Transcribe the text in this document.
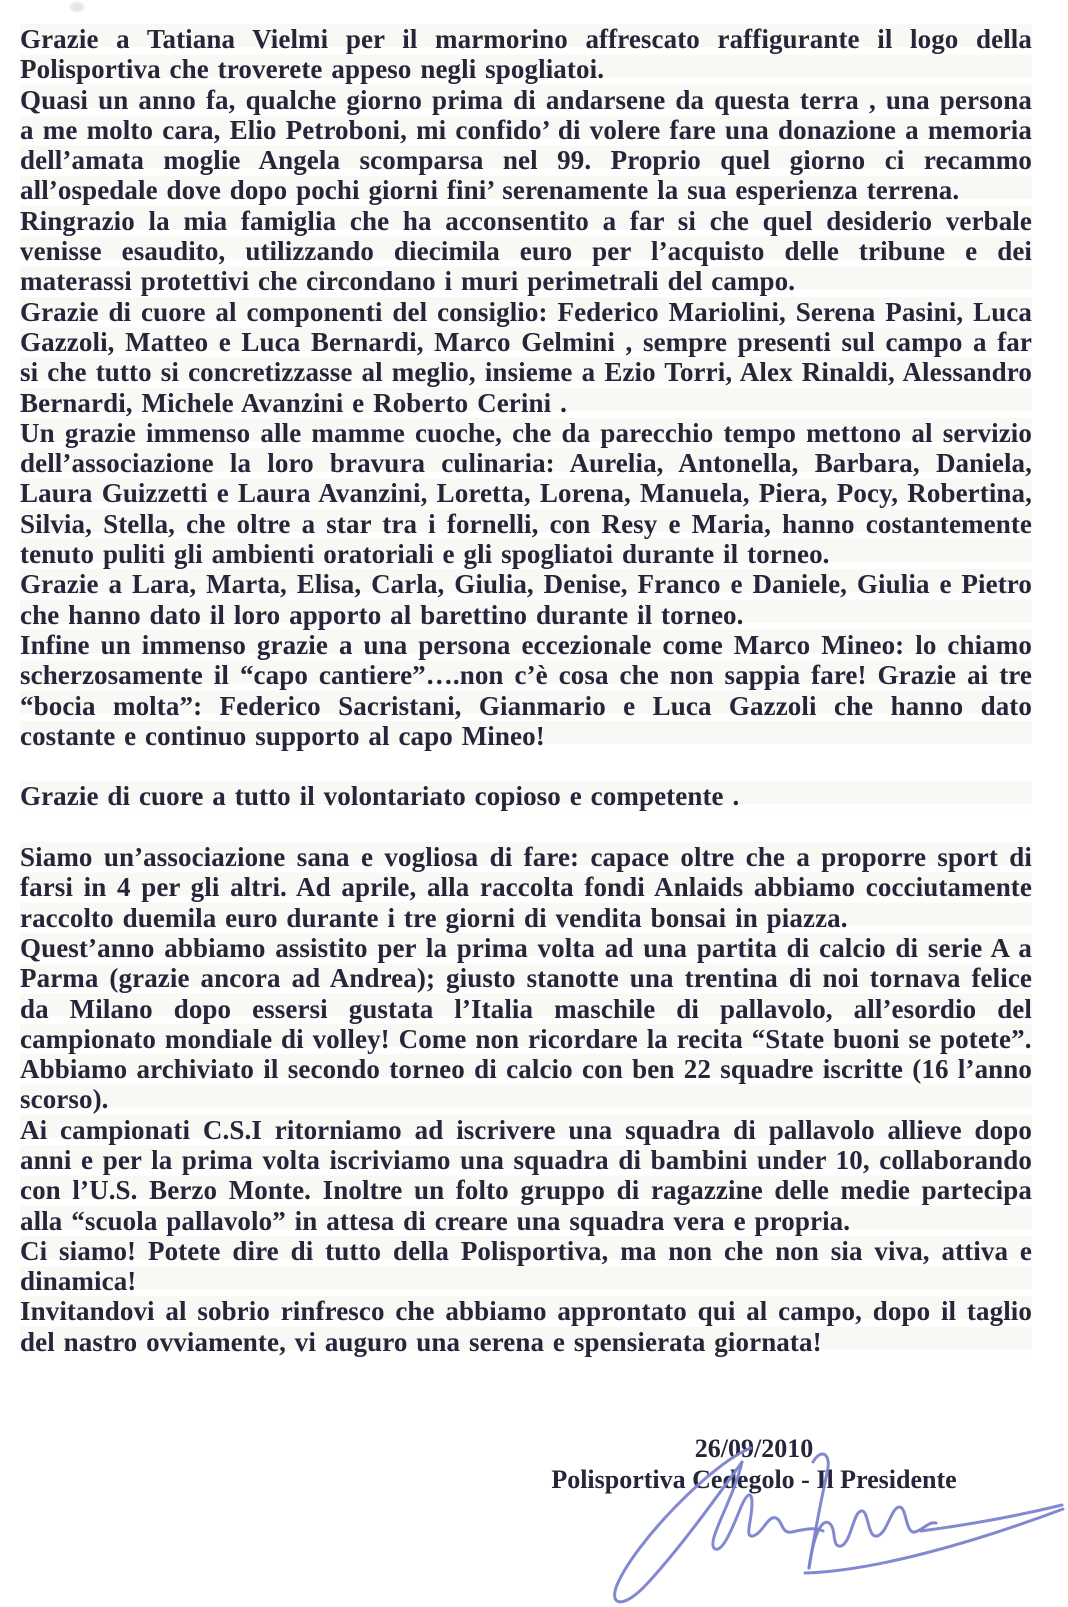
Grazie a Tatiana Vielmi per il marmorino affrescato raffigurante il logo della Polisportiva che troverete appeso negli spogliatoi.

Quasi un anno fa, qualche giorno prima di andarsene da questa terra , una persona a me molto cara, Elio Petroboni, mi confido’ di volere fare una donazione a memoria dell’amata moglie Angela scomparsa nel 99. Proprio quel giorno ci recammo all’ospedale dove dopo pochi giorni fini’ serenamente la sua esperienza terrena.

Ringrazio la mia famiglia che ha acconsentito a far si che quel desiderio verbale venisse esaudito, utilizzando diecimila euro per l’acquisto delle tribune e dei materassi protettivi che circondano i muri perimetrali del campo.

Grazie di cuore al componenti del consiglio: Federico Mariolini, Serena Pasini, Luca Gazzoli, Matteo e Luca Bernardi, Marco Gelmini , sempre presenti sul campo a far si che tutto si concretizzasse al meglio, insieme a Ezio Torri, Alex Rinaldi, Alessandro Bernardi, Michele Avanzini e Roberto Cerini .

Un grazie immenso alle mamme cuoche, che da parecchio tempo mettono al servizio dell’associazione la loro bravura culinaria: Aurelia, Antonella, Barbara, Daniela, Laura Guizzetti e Laura Avanzini, Loretta, Lorena, Manuela, Piera, Pocy, Robertina, Silvia, Stella, che oltre a star tra i fornelli, con Resy e Maria, hanno costantemente tenuto puliti gli ambienti oratoriali e gli spogliatoi durante il torneo.

Grazie a Lara, Marta, Elisa, Carla, Giulia, Denise, Franco e Daniele, Giulia e Pietro che hanno dato il loro apporto al barettino durante il torneo.

Infine un immenso grazie a una persona eccezionale come Marco Mineo: lo chiamo scherzosamente il “capo cantiere”….non c’è cosa che non sappia fare! Grazie ai tre “bocia molta”: Federico Sacristani, Gianmario e Luca Gazzoli che hanno dato costante e continuo supporto al capo Mineo!

Grazie di cuore a tutto il volontariato copioso e competente .

Siamo un’associazione sana e vogliosa di fare: capace oltre che a proporre sport di farsi in 4 per gli altri. Ad aprile, alla raccolta fondi Anlaids abbiamo cocciutamente raccolto duemila euro durante i tre giorni di vendita bonsai in piazza.

Quest’anno abbiamo assistito per la prima volta ad una partita di calcio di serie A a Parma (grazie ancora ad Andrea); giusto stanotte una trentina di noi tornava felice da Milano dopo essersi gustata l’Italia maschile di pallavolo, all’esordio del campionato mondiale di volley! Come non ricordare la recita “State buoni se potete”.

Abbiamo archiviato il secondo torneo di calcio con ben 22 squadre iscritte (16 l’anno scorso).

Ai campionati C.S.I ritorniamo ad iscrivere una squadra di pallavolo allieve dopo anni e per la prima volta iscriviamo una squadra di bambini under 10, collaborando con l’U.S. Berzo Monte. Inoltre un folto gruppo di ragazzine delle medie partecipa alla “scuola pallavolo” in attesa di creare una squadra vera e propria.

Ci siamo! Potete dire di tutto della Polisportiva, ma non che non sia viva, attiva e dinamica!

Invitandovi al sobrio rinfresco che abbiamo approntato qui al campo, dopo il taglio del nastro ovviamente, vi auguro una serena e spensierata giornata!

26/09/2010
Polisportiva Cedegolo - Il Presidente
